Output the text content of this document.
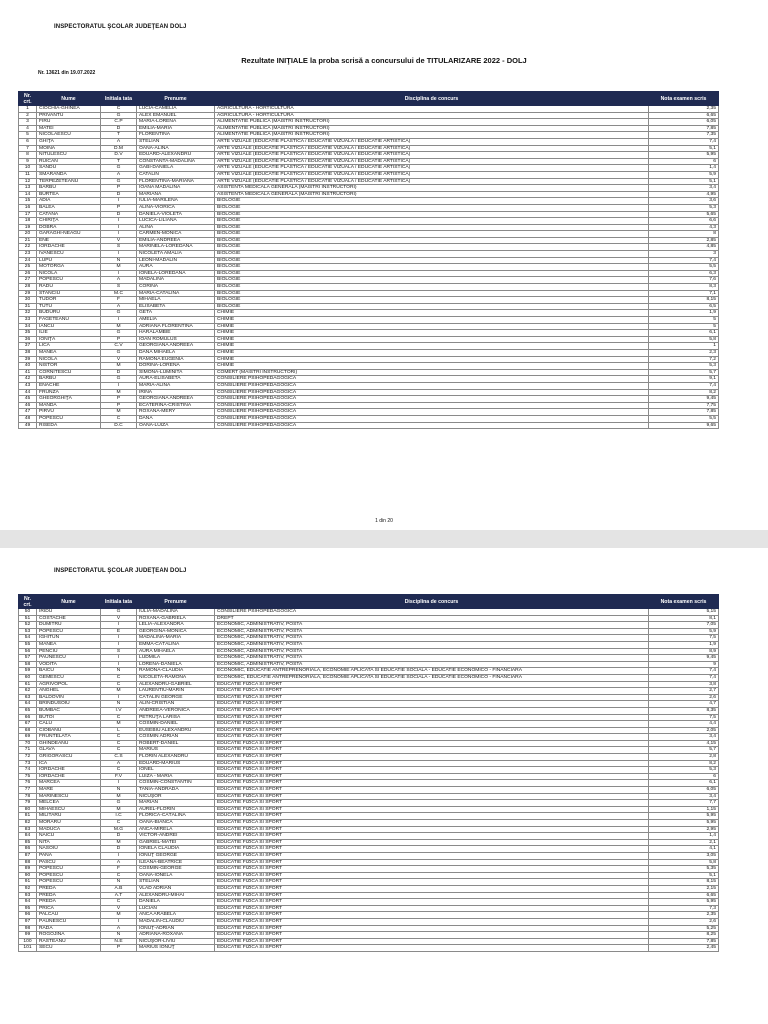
INSPECTORATUL ŞCOLAR JUDEŢEAN DOLJ
Rezultate INIŢIALE la proba scrisă a concursului de TITULARIZARE 2022 - DOLJ
Nr. 13621 din 19.07.2022
Nr. crt.	Nume	Initiala tata	Prenume	Disciplina de concurs	Nota examen scris
1	CIOCHIA-GHINEA	C	LUCIA-CAMELIA	AGRICULTURA - HORTICULTURA	2,35
2	PRIVANTU	G	ALEX EMANUEL	AGRICULTURA - HORTICULTURA	6,65
3	FIRU	C.P	MARIA-LORENA	ALIMENTATIE PUBLICA (MAISTRI INSTRUCTORI)	6,05
4	MATEI	D	EMILIA-MARIA	ALIMENTATIE PUBLICA (MAISTRI INSTRUCTORI)	7,85
5	NICOLAESCU	T	FLORENTINA	ALIMENTATIE PUBLICA (MAISTRI INSTRUCTORI)	7,35
6	GHIŢĂ	A	STELIAN	ARTE VIZUALE (EDUCATIE PLASTICA / EDUCATIE VIZUALA / EDUCATIE ARTISTICA)	7,4
7	MOINĂ	D.M	OANA-ALINA	ARTE VIZUALE (EDUCATIE PLASTICA / EDUCATIE VIZUALA / EDUCATIE ARTISTICA)	5,1
8	NITULESCU	D.V	EDUARD-ALEXANDRU	ARTE VIZUALE (EDUCATIE PLASTICA / EDUCATIE VIZUALA / EDUCATIE ARTISTICA)	5,95
9	RUICAN	T	CONSTANTA-MADALINA	ARTE VIZUALE (EDUCATIE PLASTICA / EDUCATIE VIZUALA / EDUCATIE ARTISTICA)	6
10	SANDU	G	GABI-DANIELA	ARTE VIZUALE (EDUCATIE PLASTICA / EDUCATIE VIZUALA / EDUCATIE ARTISTICA)	1,4
11	SMARANDA	A	CATALIN	ARTE VIZUALE (EDUCATIE PLASTICA / EDUCATIE VIZUALA / EDUCATIE ARTISTICA)	5,9
12	TERPEZETEANU	G	FLORENTINA-MARIANA	ARTE VIZUALE (EDUCATIE PLASTICA / EDUCATIE VIZUALA / EDUCATIE ARTISTICA)	5,1
13	BARBU	P	IOANA MĂDĂLINA	ASISTENTA MEDICALA GENERALA (MAISTRI INSTRUCTORI)	3,4
14	BURTEA	D	MARIANA	ASISTENTA MEDICALA GENERALA (MAISTRI INSTRUCTORI)	4,95
15	ADIA	I	IULIA-MARILENA	BIOLOGIE	3,6
16	BALEA	P	ALINA-VIORICA	BIOLOGIE	5,3
17	CATANA	D	DANIELA-VIOLETA	BIOLOGIE	5,65
18	CHIRIŢĂ	I	LUCICA-LILIANA	BIOLOGIE	6,6
19	DOBRA	I	ALINA	BIOLOGIE	4,3
20	GĂRĂGHI-NEAGU	I	CARMEN-MONICA	BIOLOGIE	8
21	ENE	V	EMILIA-ANDREEA	BIOLOGIE	2,85
22	IORDACHE	S	MARINELA-LOREDANA	BIOLOGIE	4,85
23	IVANESCU	I	NICOLETA AMALIA	BIOLOGIE	3
24	LUPU	N	LEONI-MĂDĂLIN	BIOLOGIE	7,4
25	MOTORGA	M	AURA	BIOLOGIE	5,5
26	NICOLA	I	IONELA-LOREDANA	BIOLOGIE	6,3
27	POPESCU	A	MADALINA	BIOLOGIE	7,6
28	RADU	S	CORINA	BIOLOGIE	8,3
29	STANCIU	M.C	MARIA-CATALINA	BIOLOGIE	7,1
30	TUDOR	F	MIHAELA	BIOLOGIE	8,15
31	TUTU	A	ELISABETA	BIOLOGIE	6,5
32	BUDURU	G	GETA	CHIMIE	1,9
33	FĂGETEANU	I	AMELIA	CHIMIE	5
34	IANCU	M	ADRIANA FLORENTINA	CHIMIE	5
35	ILIE	G	HARALAMBIE	CHIMIE	6,1
36	IONIŢĂ	P	IOAN ROMULUS	CHIMIE	5,8
37	LICA	C.V	GEORGIANA ANDREEA	CHIMIE	1
38	MANEA	G	DANA MIHAELA	CHIMIE	2,3
39	NICOLA	V	RAMONA EUGENIA	CHIMIE	7,2
40	NISTOR	M	DORINA-LORENA	CHIMIE	5,3
41	CORNITESCU	D	SIMONA-LUMINITA	COMERT (MAISTRI INSTRUCTORI)	5,7
42	BARBU	G	AURA-ELISABETA	CONSILIERE PSIHOPEDAGOGICA	9,1
43	ENACHE	I	MARIA-ALINA	CONSILIERE PSIHOPEDAGOGICA	7,4
44	FRUNZĂ	M	IRINA	CONSILIERE PSIHOPEDAGOGICA	8,2
45	GHEORGHIŢĂ	P	GEORGIANA ANDREEA	CONSILIERE PSIHOPEDAGOGICA	9,45
46	MANDA	P	ECATERINA-CRISTINA	CONSILIERE PSIHOPEDAGOGICA	7,75
47	PIRVU	M	ROXANA-MERY	CONSILIERE PSIHOPEDAGOGICA	7,85
48	POPESCU	C	DANA	CONSILIERE PSIHOPEDAGOGICA	5,5
49	RISEDA	D.C	OANA-LUIZA	CONSILIERE PSIHOPEDAGOGICA	9,65
1 din 20
INSPECTORATUL ŞCOLAR JUDEŢEAN DOLJ
Nr. crt.	Nume	Initiala tata	Prenume	Disciplina de concurs	Nota examen scris
50	IRIDU	G	IULIA-MADALINA	CONSILIERE PSIHOPEDAGOGICA	5,15
51	COSTACHE	V	ROXANA-GABRIELA	DREPT	8,1
52	DUMITRU	I	LELIA-ALEXANDRA	ECONOMIC, ADMINISTRATIV, POSTA	7,05
53	POPESCU	E	GEORGINA-MONICA	ECONOMIC, ADMINISTRATIV, POSTA	5,9
54	IGHITUN	I	MĂDĂLINA-MARIA	ECONOMIC, ADMINISTRATIV, POSTA	7,5
55	MANEA	I	EMMA-CĂTĂLINA	ECONOMIC, ADMINISTRATIV, POSTA	1,9
56	PENCIU	S	AURA MIHAELA	ECONOMIC, ADMINISTRATIV, POSTA	8,9
57	PAUNESCU	I	LUDMILA	ECONOMIC, ADMINISTRATIV, POSTA	9,45
58	VODITA	I	LORENA-DANIELA	ECONOMIC, ADMINISTRATIV, POSTA	9
59	BAICU	N	RAMONA-CLAUDIA	ECONOMIC, EDUCATIE ANTREPRENORIALA, ECONOMIE APLICATA SI EDUCATIE SOCIALA - EDUCATIE ECONOMICO - FINANCIARA	7,4
60	GEMESCU	C	NICOLETA-RAMONA	ECONOMIC, EDUCATIE ANTREPRENORIALA, ECONOMIE APLICATA SI EDUCATIE SOCIALA - EDUCATIE ECONOMICO - FINANCIARA	7,4
61	AGRIVOPOL	C	ALEXANDRU-GABRIEL	EDUCATIE FIZICA SI SPORT	3,8
62	ANGHEL	M	LAURENTIU-MARIN	EDUCATIE FIZICA SI SPORT	2,7
63	BALDOVIN	I	CĂTĂLIN GEORGE	EDUCATIE FIZICA SI SPORT	2,6
64	BRINDUSOIU	N	ALIN-CRISTIAN	EDUCATIE FIZICA SI SPORT	4,7
65	BUMBAC	I.V	ANDREEA-VERONICA	EDUCATIE FIZICA SI SPORT	8,35
66	BUTOI	C	PETRUŢA LARISA	EDUCATIE FIZICA SI SPORT	7,5
67	CALU	M	COSMIN-DANIEL	EDUCATIE FIZICA SI SPORT	4,4
68	CIOBANU	L	EUSEBIU ALEXANDRU	EDUCATIE FIZICA SI SPORT	2,05
69	FRUNTELATĂ	C	COSMIN ADRIAN	EDUCATIE FIZICA SI SPORT	3,4
70	GHINDEANU	C	ROBERT-DANIEL	EDUCATIE FIZICA SI SPORT	4,15
71	GLAVĂ	C	MARIUS	EDUCATIE FIZICA SI SPORT	5,7
72	GRIGORASCU	C.S	FLORIN ALEXANDRU	EDUCATIE FIZICA SI SPORT	2,8
73	ICĂ	A	EDUARD-MARIUS	EDUCATIE FIZICA SI SPORT	8,2
74	IORDACHE	C	IONEL	EDUCATIE FIZICA SI SPORT	5,3
75	IORDACHE	F.V	LUIZA - MARIA	EDUCATIE FIZICA SI SPORT	6
76	MARCEA	I	COSMIN-CONSTANTIN	EDUCATIE FIZICA SI SPORT	6,1
77	MARE	N	TANIA-ANDRADA	EDUCATIE FIZICA SI SPORT	6,05
78	MARINESCU	M	NICUŞOR	EDUCATIE FIZICA SI SPORT	3,4
79	MELCEA	G	MARIAN	EDUCATIE FIZICA SI SPORT	7,7
80	MIHAESCU	M	AUREL-FLORIN	EDUCATIE FIZICA SI SPORT	1,15
81	MILITARU	I.C	FLORICA-CĂTĂLINA	EDUCATIE FIZICA SI SPORT	5,95
82	MORARU	C	OANA-BIANCA	EDUCATIE FIZICA SI SPORT	5,95
83	MĂDUCA	M.G	ANCA-MIRELA	EDUCATIE FIZICA SI SPORT	2,95
84	NAICU	D	VICTOR-ANDREI	EDUCATIE FIZICA SI SPORT	1,4
85	NITA	M	GABRIEL-MATEI	EDUCATIE FIZICA SI SPORT	2,1
86	NĂSOIU	D	IONELA CLAUDIA	EDUCATIE FIZICA SI SPORT	4,1
87	PANĂ	I	IONUŢ GEORGE	EDUCATIE FIZICA SI SPORT	3,05
88	PASCU	A	ILEANA-BEATRICE	EDUCATIE FIZICA SI SPORT	5,8
89	POPESCU	F	COSMIN-GEORGE	EDUCATIE FIZICA SI SPORT	5,35
90	POPESCU	C	OANA-IONELA	EDUCATIE FIZICA SI SPORT	5,1
91	POPESCU	N	STELIAN	EDUCATIE FIZICA SI SPORT	8,15
92	PREDA	A.B	VLAD ADRIAN	EDUCATIE FIZICA SI SPORT	2,15
93	PREDA	A.T	ALEXANDRU-MIHAI	EDUCATIE FIZICA SI SPORT	6,65
94	PREDA	C	DANIELA	EDUCATIE FIZICA SI SPORT	5,95
95	PRICA	V	LUCIAN	EDUCATIE FIZICA SI SPORT	7,3
96	PALCAU	M	ANCA ARABELA	EDUCATIE FIZICA SI SPORT	2,35
97	PĂUNESCU	I	MĂDĂLIN-CLAUDIU	EDUCATIE FIZICA SI SPORT	2,6
98	RADA	A	IONUŢ-ADRIAN	EDUCATIE FIZICA SI SPORT	5,25
99	ROGOJINĂ	N	ADRIANA-ROXANA	EDUCATIE FIZICA SI SPORT	8,25
100	RĂSTEANU	N.E	NICUŞOR-LIVIU	EDUCATIE FIZICA SI SPORT	7,85
101	SECU	P	MARIUS IONUŢ	EDUCATIE FIZICA SI SPORT	2,45
